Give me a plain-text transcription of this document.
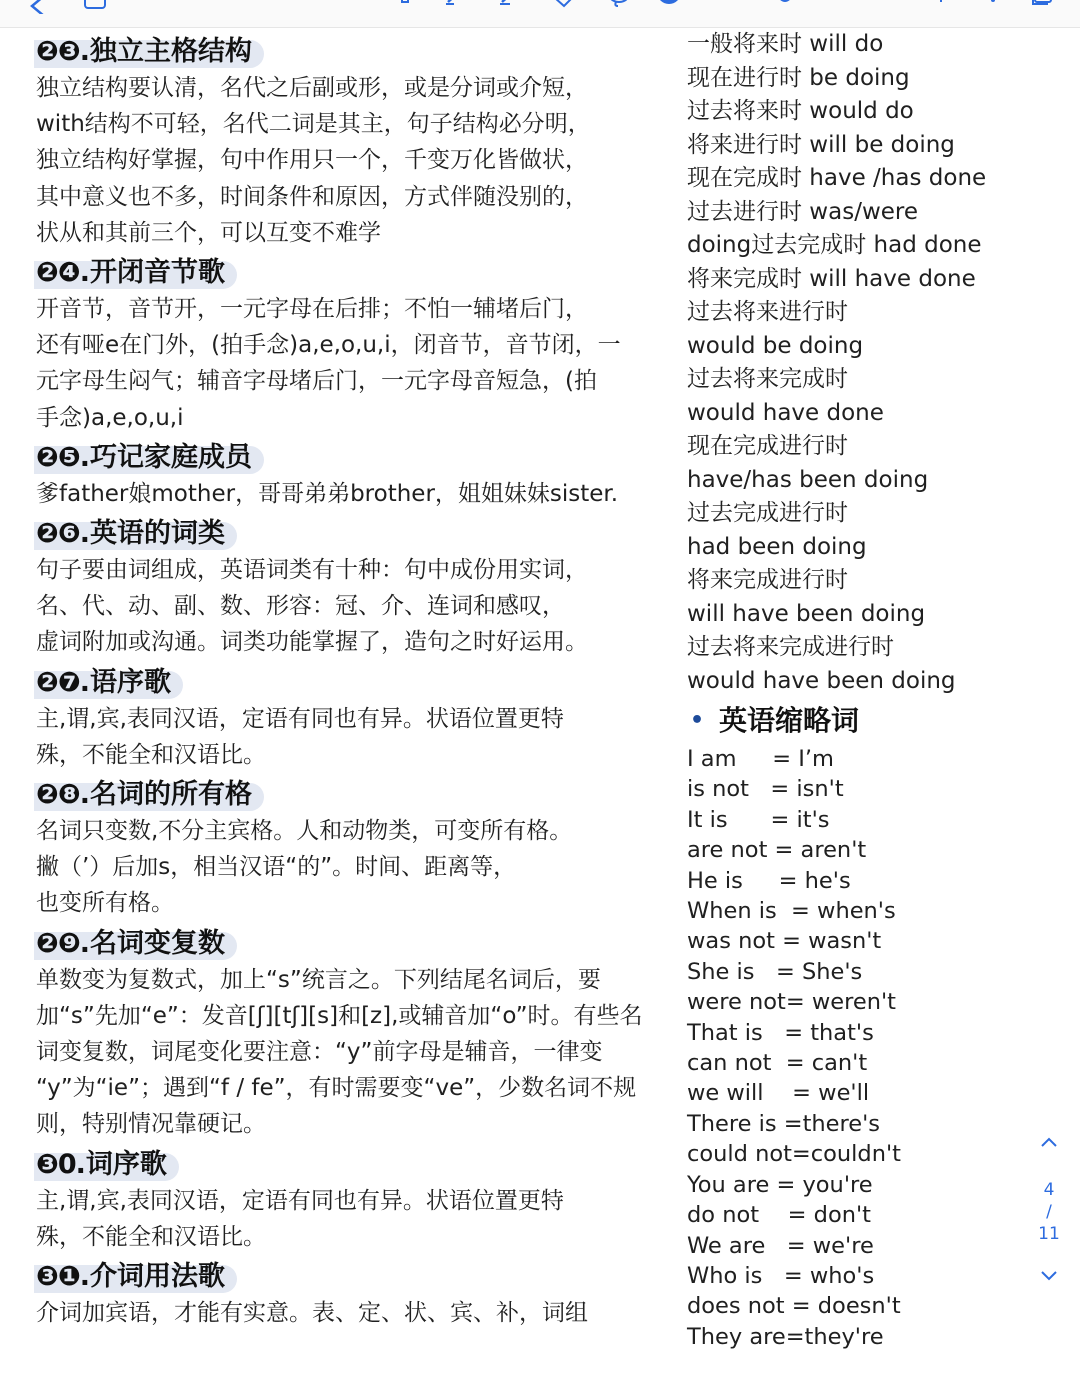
❷❸.独立主格结构
独立结构要认清，名代之后副或形，或是分词或介短，
with结构不可轻，名代二词是其主，句子结构必分明，
独立结构好掌握，句中作用只一个，千变万化皆做状，
其中意义也不多，时间条件和原因，方式伴随没别的，
状从和其前三个，可以互变不难学
❷❹.开闭音节歌
开音节，音节开，一元字母在后排；不怕一辅堵后门，
还有哑e在门外，(拍手念)a,e,o,u,i，闭音节，音节闭，一
元字母生闷气；辅音字母堵后门，一元字母音短急，(拍
手念)a,e,o,u,i
❷❺.巧记家庭成员
爹father娘mother，哥哥弟弟brother，姐姐妹妹sister.
❷❻.英语的词类
句子要由词组成，英语词类有十种：句中成份用实词，
名、代、动、副、数、形容：冠、介、连词和感叹，
虚词附加或沟通。词类功能掌握了，造句之时好运用。
❷❼.语序歌
主,谓,宾,表同汉语，定语有同也有异。状语位置更特
殊，不能全和汉语比。
❷❽.名词的所有格
名词只变数,不分主宾格。人和动物类，可变所有格。
撇（’）后加s，相当汉语“的”。时间、距离等，
也变所有格。
❷❾.名词变复数
单数变为复数式，加上“s”统言之。下列结尾名词后，要
加“s”先加“e”：发音[ʃ][tʃ][s]和[z],或辅音加“o”时。有些名
词变复数，词尾变化要注意：“y”前字母是辅音，一律变
“y”为“ie”；遇到“f / fe”，有时需要变“ve”，少数名词不规
则，特别情况靠硬记。
❸0.词序歌
主,谓,宾,表同汉语，定语有同也有异。状语位置更特
殊，不能全和汉语比。
❸❶.介词用法歌
介词加宾语，才能有实意。表、定、状、宾、补，词组
一般将来时 will do
现在进行时 be doing
过去将来时 would do
将来进行时 will be doing
现在完成时 have /has done
过去进行时 was/were
doing过去完成时 had done
将来完成时 will have done
过去将来进行时
would be doing
过去将来完成时
would have done
现在完成进行时
have/has been doing
过去完成进行时
had been doing
将来完成进行时
will have been doing
过去将来完成进行时
would have been doing
• 英语缩略词
I am     = I’m
is not   = isn't
It is      = it's
are not = aren't
He is     = he's
When is  = when's
was not = wasn't
She is   = She's
were not= weren't
That is   = that's
can not  = can't
we will    = we'll
There is =there's
could not=couldn't
You are = you're
do not    = don't
We are   = we're
Who is   = who's
does not = doesn't
They are=they're
4
/
11
